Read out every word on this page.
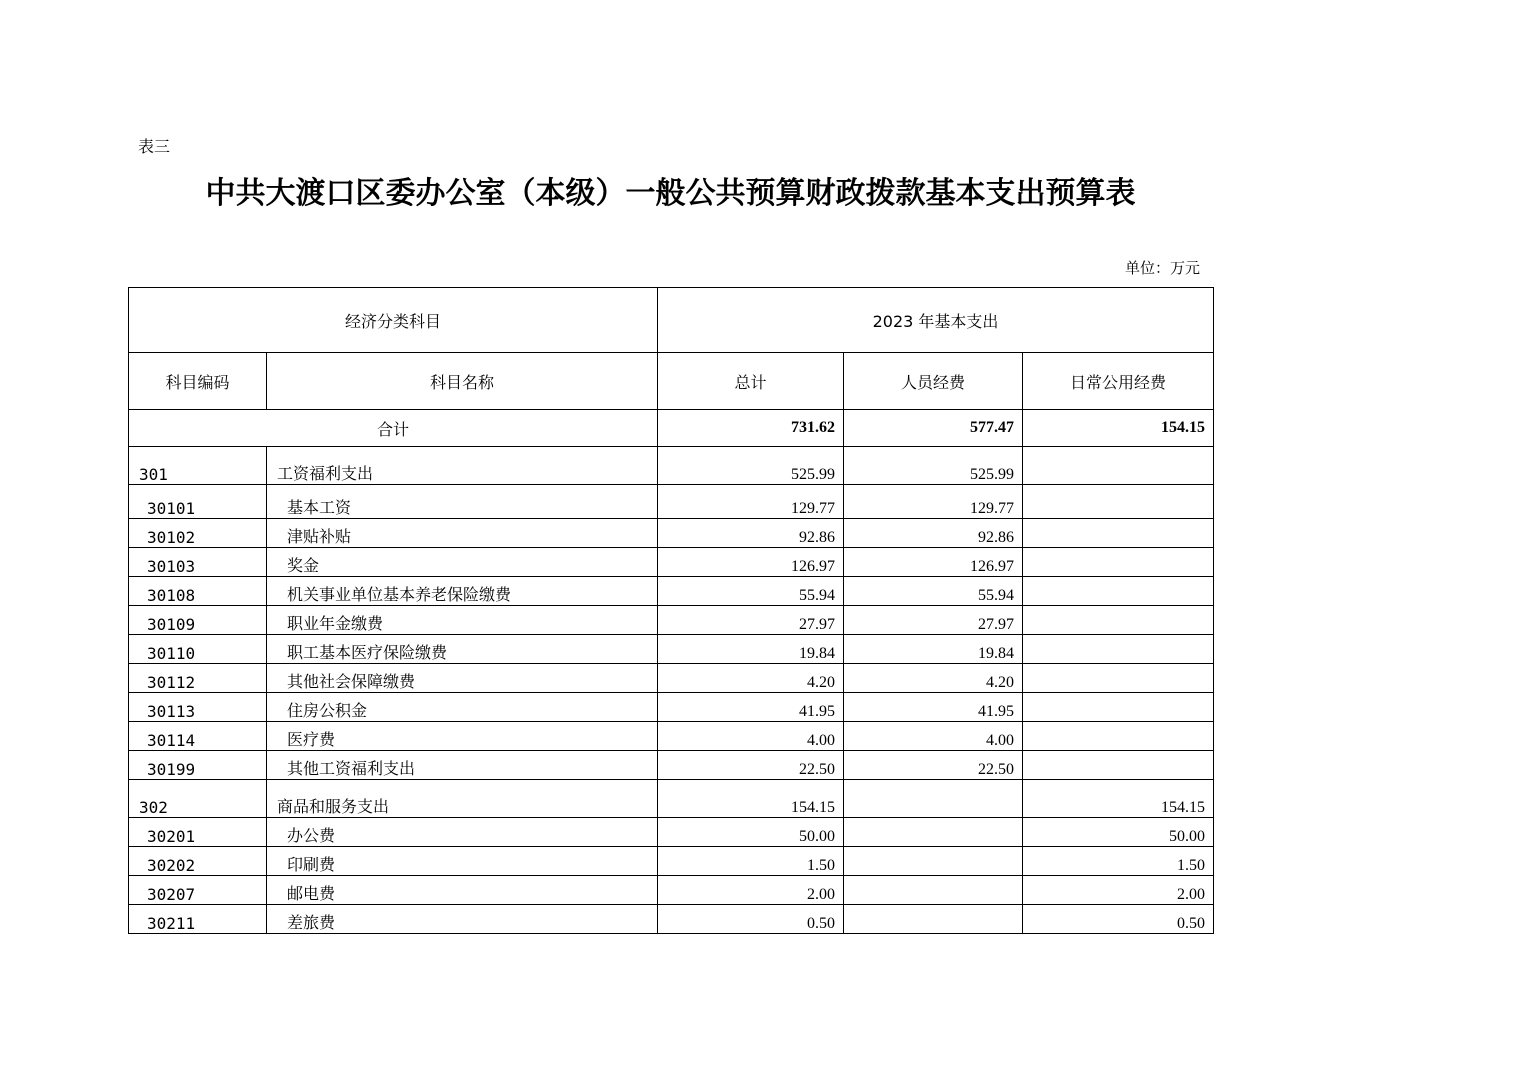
表三
中共大渡口区委办公室（本级）一般公共预算财政拨款基本支出预算表
单位：万元
经济分类科目		2023 年基本支出		
科目编码	科目名称	总计	人员经费	日常公用经费
合计		731.62	577.47	154.15
301	工资福利支出	525.99	525.99	
30101	基本工资	129.77	129.77	
30102	津贴补贴	92.86	92.86	
30103	奖金	126.97	126.97	
30108	机关事业单位基本养老保险缴费	55.94	55.94	
30109	职业年金缴费	27.97	27.97	
30110	职工基本医疗保险缴费	19.84	19.84	
30112	其他社会保障缴费	4.20	4.20	
30113	住房公积金	41.95	41.95	
30114	医疗费	4.00	4.00	
30199	其他工资福利支出	22.50	22.50	
302	商品和服务支出	154.15		154.15
30201	办公费	50.00		50.00
30202	印刷费	1.50		1.50
30207	邮电费	2.00		2.00
30211	差旅费	0.50		0.50
